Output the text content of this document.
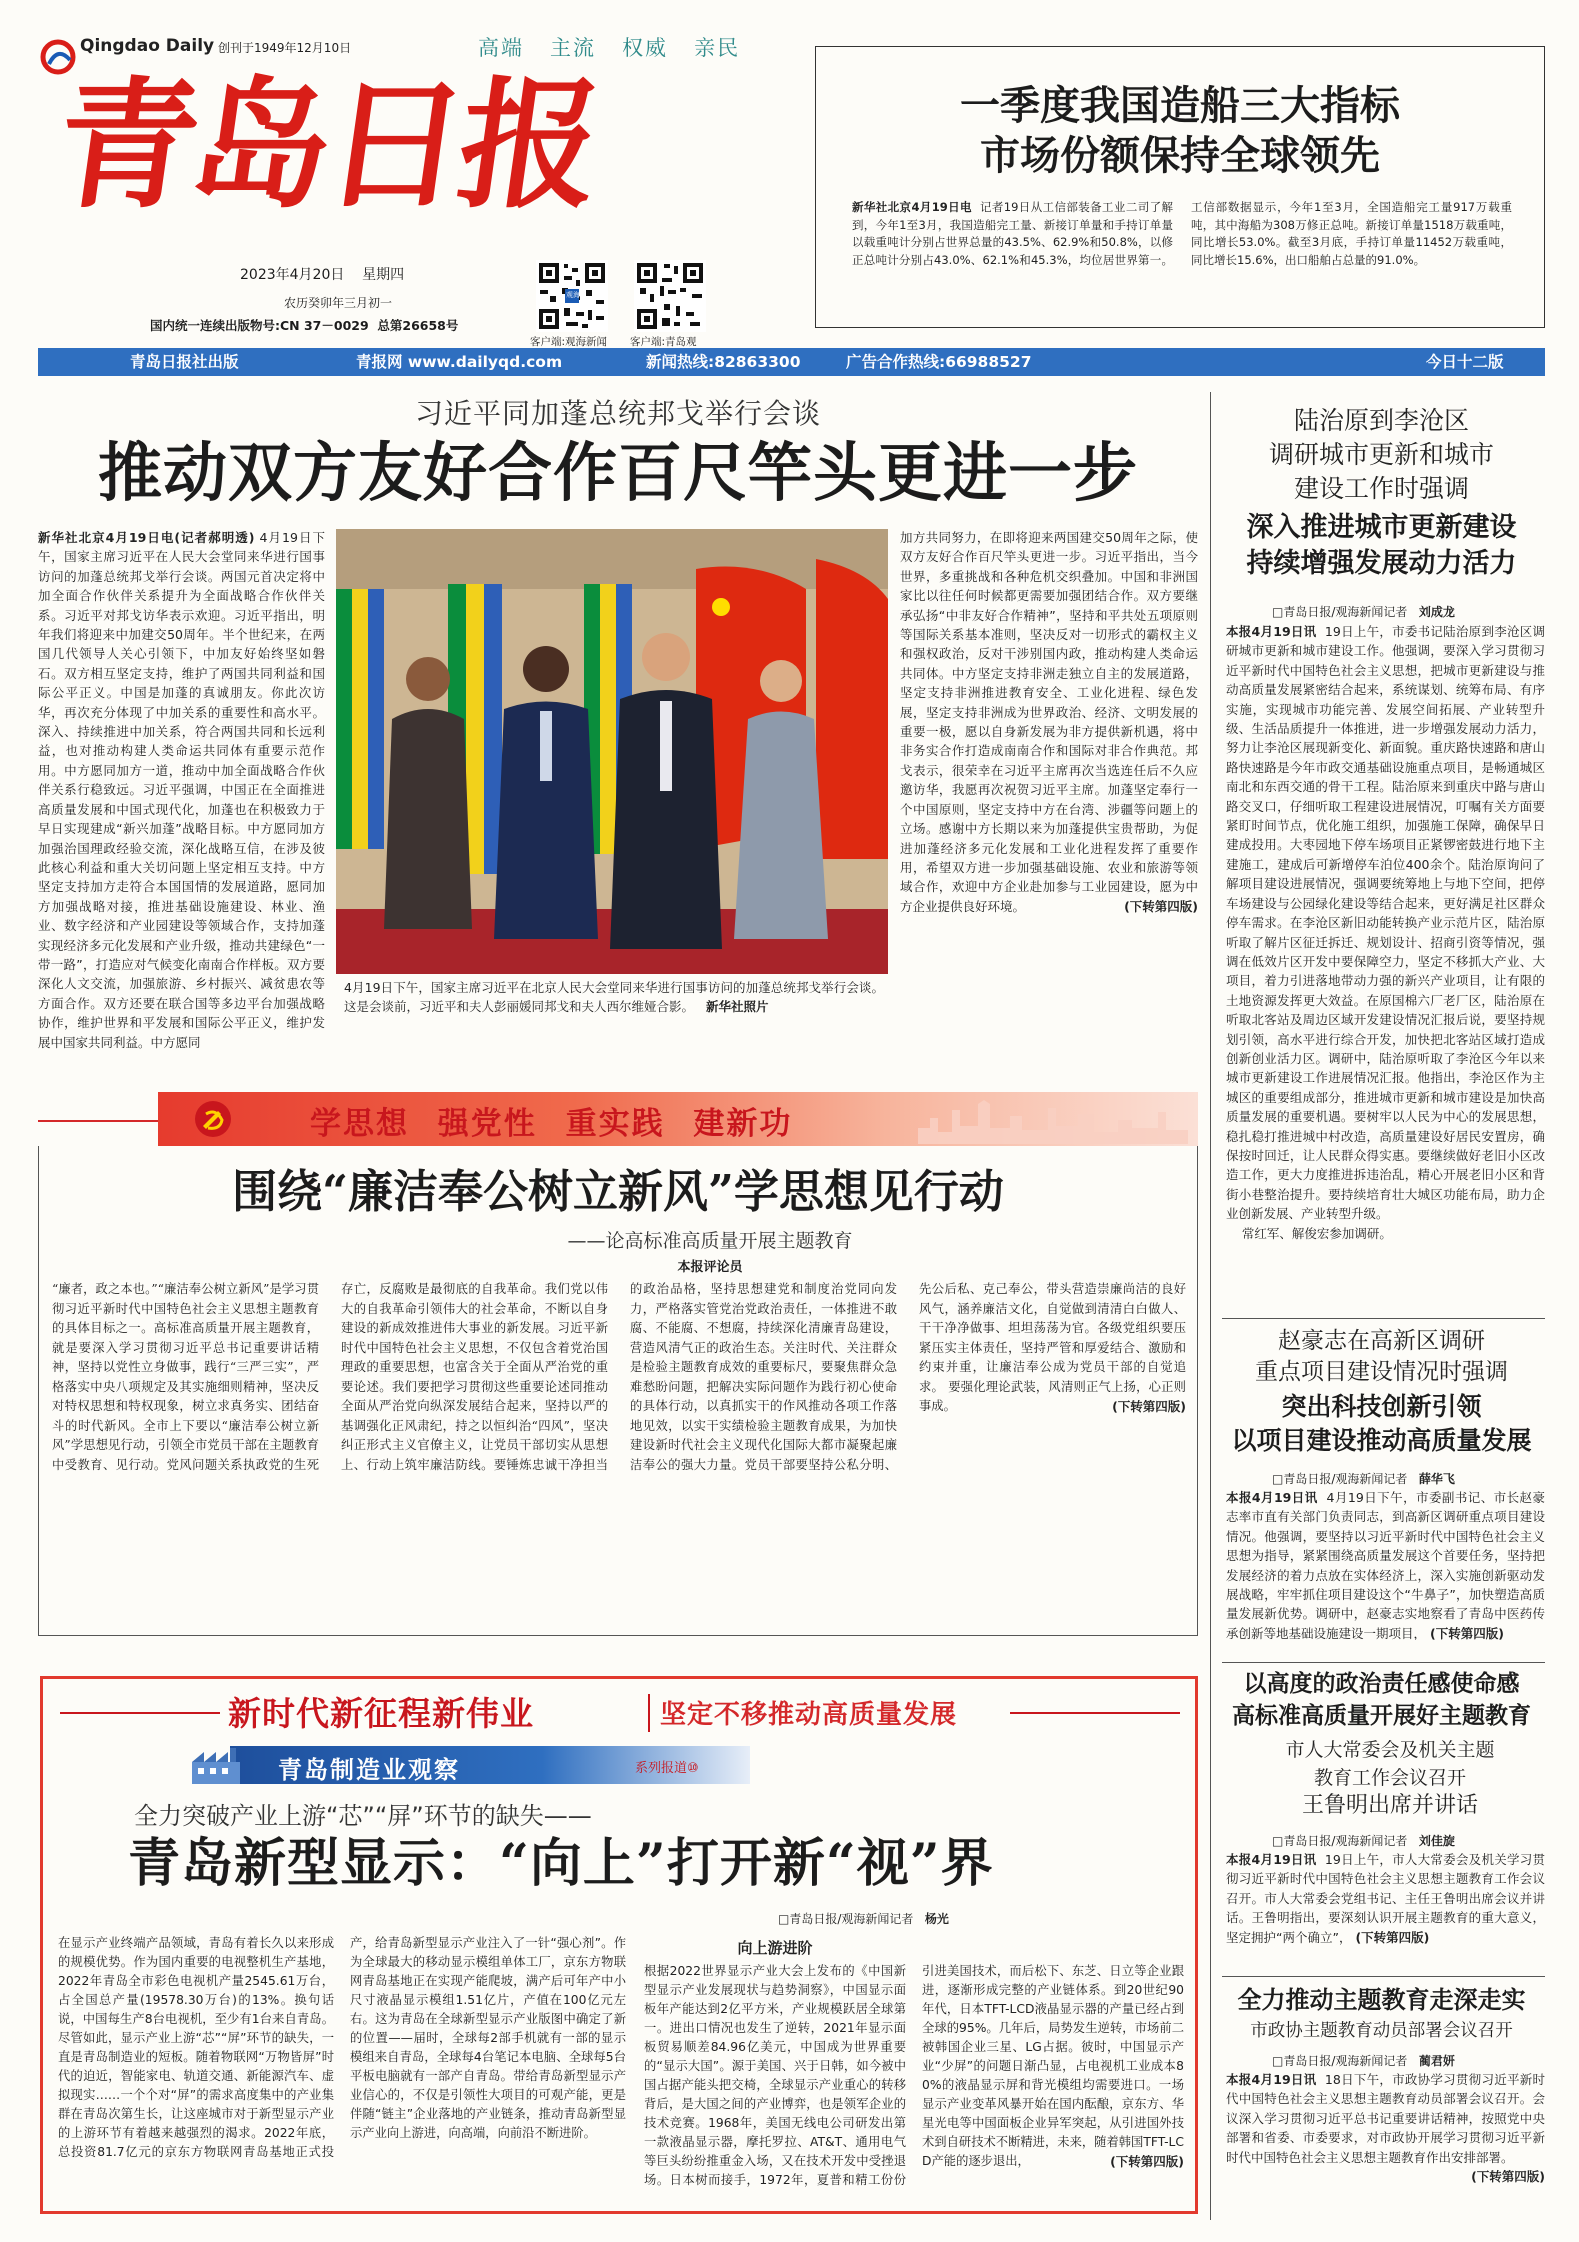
Qingdao Daily 创刊于1949年12月10日	高端 主流 权威 亲民
青岛日报
2023年4月20日 星期四
农历癸卯年三月初一
国内统一连续出版物号:CN 37－0029 总第26658号
观海
客户端:观海新闻 客户端:青岛观
一季度我国造船三大指标
市场份额保持全球领先
新华社北京4月19日电 记者19日从工信部装备工业二司了解到，今年1至3月，我国造船完工量、新接订单量和手持订单量以载重吨计分别占世界总量的43.5%、62.9%和50.8%，以修正总吨计分别占43.0%、62.1%和45.3%，均位居世界第一。工信部数据显示，今年1至3月，全国造船完工量917万载重吨，其中海船为308万修正总吨。新接订单量1518万载重吨，同比增长53.0%。截至3月底，手持订单量11452万载重吨，同比增长15.6%，出口船舶占总量的91.0%。
青岛日报社出版	青报网 www.dailyqd.com	新闻热线:82863300	广告合作热线:66988527	今日十二版
习近平同加蓬总统邦戈举行会谈
推动双方友好合作百尺竿头更进一步
新华社北京4月19日电(记者郝明透) 4月19日下午，国家主席习近平在人民大会堂同来华进行国事访问的加蓬总统邦戈举行会谈。两国元首决定将中加全面合作伙伴关系提升为全面战略合作伙伴关系。习近平对邦戈访华表示欢迎。习近平指出，明年我们将迎来中加建交50周年。半个世纪来，在两国几代领导人关心引领下，中加友好始终坚如磐石。双方相互坚定支持，维护了两国共同利益和国际公平正义。中国是加蓬的真诚朋友。你此次访华，再次充分体现了中加关系的重要性和高水平。深入、持续推进中加关系，符合两国共同和长远利益，也对推动构建人类命运共同体有重要示范作用。中方愿同加方一道，推动中加全面战略合作伙伴关系行稳致远。习近平强调，中国正在全面推进高质量发展和中国式现代化，加蓬也在积极致力于早日实现建成“新兴加蓬”战略目标。中方愿同加方加强治国理政经验交流，深化战略互信，在涉及彼此核心利益和重大关切问题上坚定相互支持。中方坚定支持加方走符合本国国情的发展道路，愿同加方加强战略对接，推进基础设施建设、林业、渔业、数字经济和产业园建设等领域合作，支持加蓬实现经济多元化发展和产业升级，推动共建绿色“一带一路”，打造应对气候变化南南合作样板。双方要深化人文交流，加强旅游、乡村振兴、减贫患农等方面合作。双方还要在联合国等多边平台加强战略协作，维护世界和平发展和国际公平正义，维护发展中国家共同利益。中方愿同
4月19日下午，国家主席习近平在北京人民大会堂同来华进行国事访问的加蓬总统邦戈举行会谈。这是会谈前，习近平和夫人彭丽媛同邦戈和夫人西尔维娅合影。 新华社照片
加方共同努力，在即将迎来两国建交50周年之际，使双方友好合作百尺竿头更进一步。习近平指出，当今世界，多重挑战和各种危机交织叠加。中国和非洲国家比以往任何时候都更需要加强团结合作。双方要继承弘扬“中非友好合作精神”，坚持和平共处五项原则等国际关系基本准则，坚决反对一切形式的霸权主义和强权政治，反对干涉别国内政，推动构建人类命运共同体。中方坚定支持非洲走独立自主的发展道路，坚定支持非洲推进教育安全、工业化进程、绿色发展，坚定支持非洲成为世界政治、经济、文明发展的重要一极，愿以自身新发展为非方提供新机遇，将中非务实合作打造成南南合作和国际对非合作典范。邦戈表示，很荣幸在习近平主席再次当选连任后不久应邀访华，我愿再次祝贺习近平主席。加蓬坚定奉行一个中国原则，坚定支持中方在台湾、涉疆等问题上的立场。感谢中方长期以来为加蓬提供宝贵帮助，为促进加蓬经济多元化发展和工业化进程发挥了重要作用，希望双方进一步加强基础设施、农业和旅游等领域合作，欢迎中方企业赴加参与工业园建设，愿为中方企业提供良好环境。	(下转第四版)
陆治原到李沧区
调研城市更新和城市
建设工作时强调
深入推进城市更新建设
持续增强发展动力活力
□青岛日报/观海新闻记者 刘成龙
本报4月19日讯 19日上午，市委书记陆治原到李沧区调研城市更新和城市建设工作。他强调，要深入学习贯彻习近平新时代中国特色社会主义思想，把城市更新建设与推动高质量发展紧密结合起来，系统谋划、统筹布局、有序实施，实现城市功能完善、发展空间拓展、产业转型升级、生活品质提升一体推进，进一步增强发展动力活力，努力让李沧区展现新变化、新面貌。重庆路快速路和唐山路快速路是今年市政交通基础设施重点项目，是畅通城区南北和东西交通的骨干工程。陆治原来到重庆中路与唐山路交叉口，仔细听取工程建设进展情况，叮嘱有关方面要紧盯时间节点，优化施工组织，加强施工保障，确保早日建成投用。大枣园地下停车场项目正紧锣密鼓进行地下主建施工，建成后可新增停车泊位400余个。陆治原询问了解项目建设进展情况，强调要统筹地上与地下空间，把停车场建设与公园绿化建设等结合起来，更好满足社区群众停车需求。在李沧区新旧动能转换产业示范片区，陆治原听取了解片区征迁拆迁、规划设计、招商引资等情况，强调在低效片区开发中要保障空力，坚定不移抓大产业、大项目，着力引进落地带动力强的新兴产业项目，让有限的土地资源发挥更大效益。在原国棉六厂老厂区，陆治原在听取北客站及周边区域开发建设情况汇报后说，要坚持规划引领，高水平进行综合开发，加快把北客站区域打造成创新创业活力区。调研中，陆治原听取了李沧区今年以来城市更新建设工作进展情况汇报。他指出，李沧区作为主城区的重要组成部分，推进城市更新和城市建设是加快高质量发展的重要机遇。要树牢以人民为中心的发展思想，稳扎稳打推进城中村改造，高质量建设好居民安置房，确保按时回迁，让人民群众得实惠。要继续做好老旧小区改造工作，更大力度推进拆违治乱，精心开展老旧小区和背街小巷整治提升。要持续培育壮大城区功能布局，助力企业创新发展、产业转型升级。
常红军、解俊宏参加调研。
学思想 强党性 重实践 建新功
围绕“廉洁奉公树立新风”学思想见行动
——论高标准高质量开展主题教育
本报评论员
“廉者，政之本也。”“廉洁奉公树立新风”是学习贯彻习近平新时代中国特色社会主义思想主题教育的具体目标之一。高标准高质量开展主题教育，就是要深入学习贯彻习近平总书记重要讲话精神，坚持以党性立身做事，践行“三严三实”，严格落实中央八项规定及其实施细则精神，坚决反对特权思想和特权现象，树立求真务实、团结奋斗的时代新风。全市上下要以“廉洁奉公树立新风”学思想见行动，引领全市党员干部在主题教育中受教育、见行动。党风问题关系执政党的生死存亡，反腐败是最彻底的自我革命。我们党以伟大的自我革命引领伟大的社会革命，不断以自身建设的新成效推进伟大事业的新发展。习近平新时代中国特色社会主义思想，不仅包含着党治国理政的重要思想，也富含关于全面从严治党的重要论述。我们要把学习贯彻这些重要论述同推动全面从严治党向纵深发展结合起来，坚持以严的基调强化正风肃纪，持之以恒纠治“四风”，坚决纠正形式主义官僚主义，让党员干部切实从思想上、行动上筑牢廉洁防线。要锤炼忠诚干净担当的政治品格，坚持思想建党和制度治党同向发力，严格落实管党治党政治责任，一体推进不敢腐、不能腐、不想腐，持续深化清廉青岛建设，营造风清气正的政治生态。关注时代、关注群众是检验主题教育成效的重要标尺，要聚焦群众急难愁盼问题，把解决实际问题作为践行初心使命的具体行动，以真抓实干的作风推动各项工作落地见效，以实干实绩检验主题教育成果，为加快建设新时代社会主义现代化国际大都市凝聚起廉洁奉公的强大力量。党员干部要坚持公私分明、先公后私、克己奉公，带头营造崇廉尚洁的良好风气，涵养廉洁文化，自觉做到清清白白做人、干干净净做事、坦坦荡荡为官。各级党组织要压紧压实主体责任，坚持严管和厚爱结合、激励和约束并重，让廉洁奉公成为党员干部的自觉追求。 要强化理论武装，风清则正气上扬，心正则事成。	(下转第四版)
新时代新征程新伟业	坚定不移推动高质量发展
青岛制造业观察	系列报道⑩
全力突破产业上游“芯”“屏”环节的缺失——
青岛新型显示：“向上”打开新“视”界
□青岛日报/观海新闻记者 杨光
在显示产业终端产品领域，青岛有着长久以来形成的规模优势。作为国内重要的电视整机生产基地，2022年青岛全市彩色电视机产量2545.61万台，占全国总产量(19578.30万台)的13%。换句话说，中国每生产8台电视机，至少有1台来自青岛。尽管如此，显示产业上游“芯”“屏”环节的缺失，一直是青岛制造业的短板。随着物联网“万物皆屏”时代的迫近，智能家电、轨道交通、新能源汽车、虚拟现实……一个个对“屏”的需求高度集中的产业集群在青岛次第生长，让这座城市对于新型显示产业的上游环节有着越来越强烈的渴求。2022年底，总投资81.7亿元的京东方物联网青岛基地正式投产，给青岛新型显示产业注入了一针“强心剂”。作为全球最大的移动显示模组单体工厂，京东方物联网青岛基地正在实现产能爬坡，满产后可年产中小尺寸液晶显示模组1.51亿片，产值在100亿元左右。这为青岛在全球新型显示产业版图中确定了新的位置——届时，全球每2部手机就有一部的显示模组来自青岛，全球每4台笔记本电脑、全球每5台平板电脑就有一部产自青岛。带给青岛新型显示产业信心的，不仅是引领性大项目的可观产能，更是伴随“链主”企业落地的产业链条，推动青岛新型显示产业向上游进，向高端，向前沿不断进阶。
向上游进阶
根据2022世界显示产业大会上发布的《中国新型显示产业发展现状与趋势洞察》，中国显示面板年产能达到2亿平方米，产业规模跃居全球第一。进出口情况也发生了逆转，2021年显示面板贸易顺差84.96亿美元，中国成为世界重要的“显示大国”。源于美国、兴于日韩，如今被中国占据产能头把交椅，全球显示产业重心的转移背后，是大国之间的产业博弈，也是领军企业的技术竞赛。1968年，美国无线电公司研发出第一款液晶显示器，摩托罗拉、AT&T、通用电气等巨头纷纷推重金入场，又在技术开发中受挫退场。日本树而接手，1972年，夏普和精工份份引进美国技术，而后松下、东芝、日立等企业跟进，逐渐形成完整的产业链体系。到20世纪90年代，日本TFT-LCD液晶显示器的产量已经占到全球的95%。几年后，局势发生逆转，市场前二被韩国企业三星、LG占据。彼时，中国显示产业“少屏”的问题日渐凸显，占电视机工业成本80%的液晶显示屏和背光模组均需要进口。一场显示产业变革风暴开始在国内酝酿，京东方、华星光电等中国面板企业异军突起，从引进国外技术到自研技术不断精进，未来，随着韩国TFT-LCD产能的逐步退出，	(下转第四版)
赵豪志在高新区调研
重点项目建设情况时强调
突出科技创新引领
以项目建设推动高质量发展
□青岛日报/观海新闻记者 薛华飞
本报4月19日讯 4月19日下午，市委副书记、市长赵豪志率市直有关部门负责同志，到高新区调研重点项目建设情况。他强调，要坚持以习近平新时代中国特色社会主义思想为指导，紧紧围绕高质量发展这个首要任务，坚持把发展经济的着力点放在实体经济上，深入实施创新驱动发展战略，牢牢抓住项目建设这个“牛鼻子”，加快塑造高质量发展新优势。调研中，赵豪志实地察看了青岛中医药传承创新等地基础设施建设一期项目， (下转第四版)
以高度的政治责任感使命感
高标准高质量开展好主题教育
市人大常委会及机关主题
教育工作会议召开
王鲁明出席并讲话
□青岛日报/观海新闻记者 刘佳旋
本报4月19日讯 19日上午，市人大常委会及机关学习贯彻习近平新时代中国特色社会主义思想主题教育工作会议召开。市人大常委会党组书记、主任王鲁明出席会议并讲话。王鲁明指出，要深刻认识开展主题教育的重大意义，坚定拥护“两个确立”， (下转第四版)
全力推动主题教育走深走实
市政协主题教育动员部署会议召开
□青岛日报/观海新闻记者 蔺君妍
本报4月19日讯 18日下午，市政协学习贯彻习近平新时代中国特色社会主义思想主题教育动员部署会议召开。会议深入学习贯彻习近平总书记重要讲话精神，按照党中央部署和省委、市委要求，对市政协开展学习贯彻习近平新时代中国特色社会主义思想主题教育作出安排部署。
(下转第四版)
